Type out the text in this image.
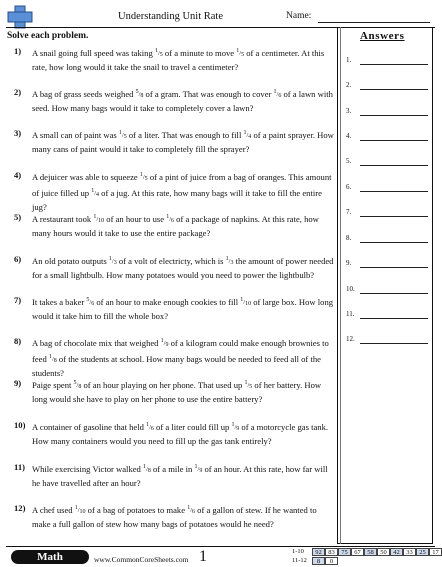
Understanding Unit Rate	Name:
Solve each problem.
1) A snail going full speed was taking $^1/_5$ of a minute to move $^1/_5$ of a centimeter. At this rate, how long would it take the snail to travel a centimeter?
2) A bag of grass seeds weighed $^5/_8$ of a gram. That was enough to cover $^1/_6$ of a lawn with seed. How many bags would it take to completely cover a lawn?
3) A small can of paint was $^1/_5$ of a liter. That was enough to fill $^1/_4$ of a paint sprayer. How many cans of paint would it take to completely fill the sprayer?
4) A dejuicer was able to squeeze $^1/_5$ of a pint of juice from a bag of oranges. This amount of juice filled up $^1/_4$ of a jug. At this rate, how many bags will it take to fill the entire jug?
5) A restaurant took $^1/_{10}$ of an hour to use $^1/_6$ of a package of napkins. At this rate, how many hours would it take to use the entire package?
6) An old potato outputs $^1/_3$ of a volt of electricty, which is $^1/_3$ the amount of power needed for a small lightbulb. How many potatoes would you need to power the lightbulb?
7) It takes a baker $^5/_6$ of an hour to make enough cookies to fill $^1/_{10}$ of large box. How long would it take him to fill the whole box?
8) A bag of chocolate mix that weighed $^1/_9$ of a kilogram could make enough brownies to feed $^1/_8$ of the students at school. How many bags would be needed to feed all of the students?
9) Paige spent $^5/_8$ of an hour playing on her phone. That used up $^1/_5$ of her battery. How long would she have to play on her phone to use the entire battery?
10) A container of gasoline that held $^1/_6$ of a liter could fill up $^1/_9$ of a motorcycle gas tank. How many containers would you need to fill up the gas tank entirely?
11) While exercising Victor walked $^1/_8$ of a mile in $^1/_9$ of an hour. At this rate, how far will he have travelled after an hour?
12) A chef used $^1/_{10}$ of a bag of potatoes to make $^1/_6$ of a gallon of stew. If he wanted to make a full gallon of stew how many bags of potatoes would he need?
Answers
1.
2.
3.
4.
5.
6.
7.
8.
9.
10.
11.
12.
Math	www.CommonCoreSheets.com 1	1-10	92	83	75	67	58	50	42	33	25	17
11-12	8	0
